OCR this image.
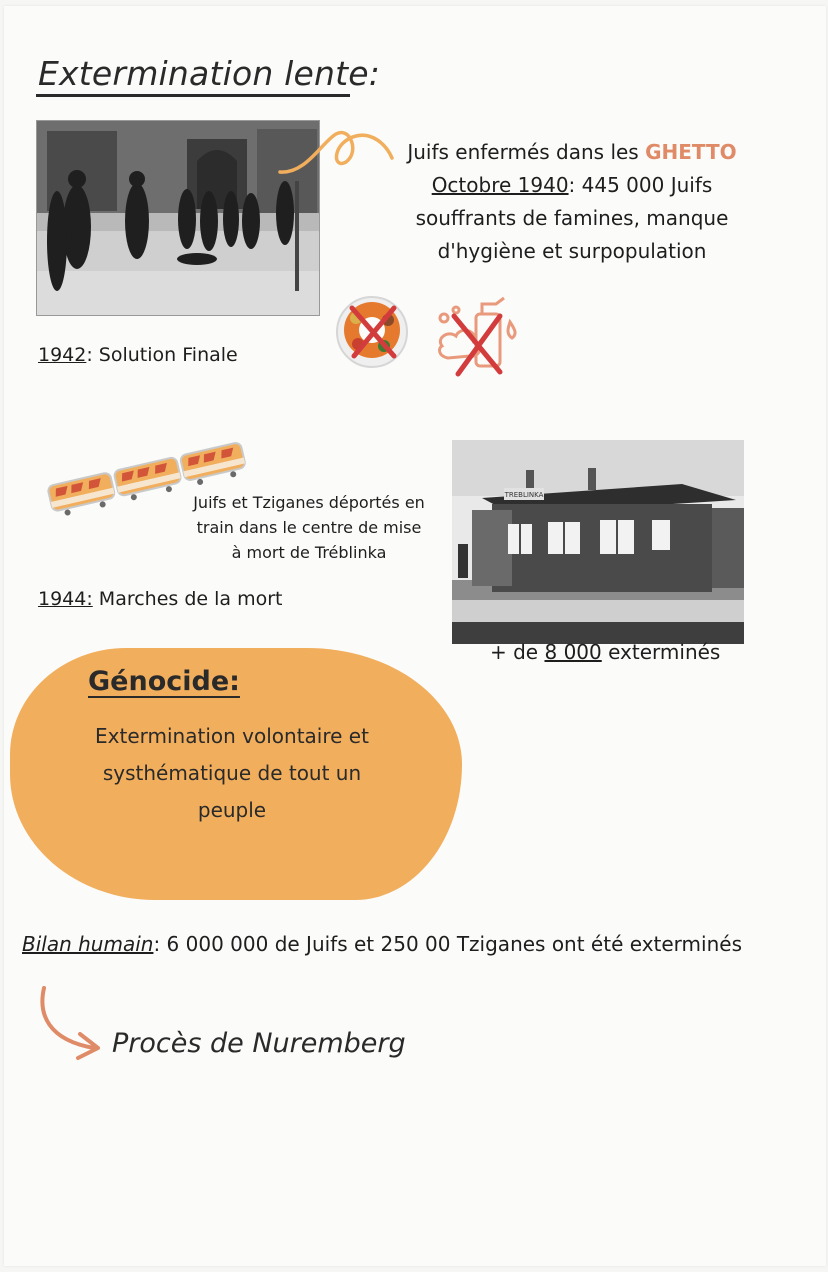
Extermination lente:
Juifs enfermés dans les GHETTO
Octobre 1940: 445 000 Juifs
souffrants de famines, manque
d'hygiène et surpopulation
1942: Solution Finale
Juifs et Tziganes déportés en
train dans le centre de mise
à mort de Tréblinka
TREBLINKA
+ de 8 000 exterminés
1944: Marches de la mort
Génocide:
Extermination volontaire et
systhématique de tout un
peuple
Bilan humain: 6 000 000 de Juifs et 250 00 Tziganes ont été exterminés
Procès de Nuremberg
